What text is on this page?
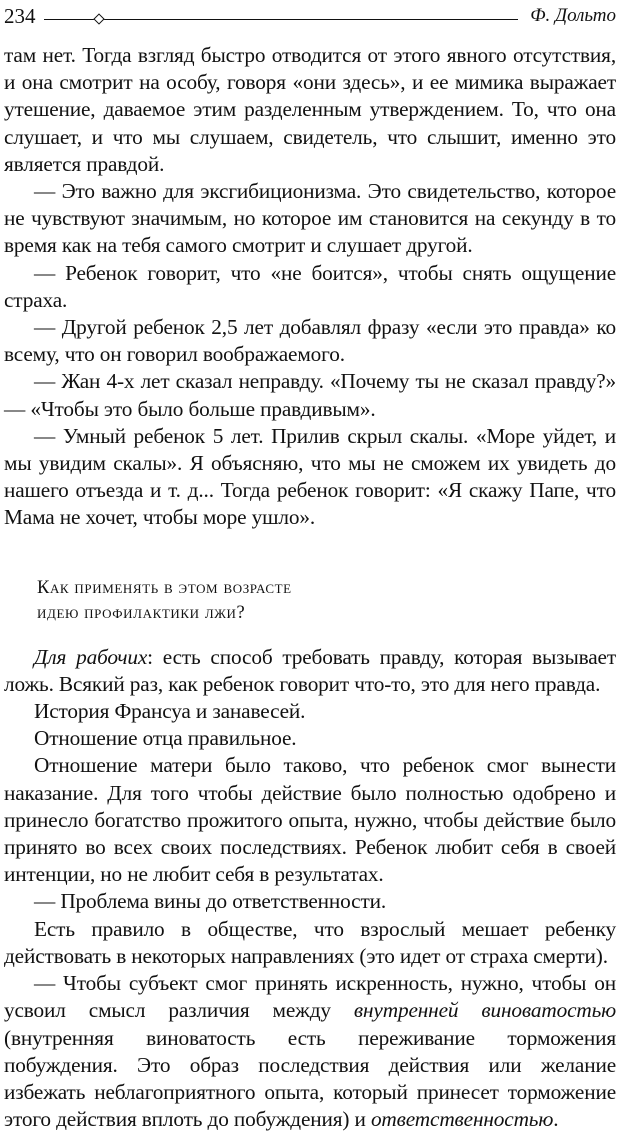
234	Ф. Дольто

там нет. Тогда взгляд быстро отводится от этого явного отсутствия, и она смотрит на особу, говоря «они здесь», и ее мимика выражает утешение, даваемое этим разделенным утверждением. То, что она слушает, и что мы слушаем, свидетель, что слышит, именно это является правдой.

— Это важно для эксгибиционизма. Это свидетельство, которое не чувствуют значимым, но которое им становится на секунду в то время как на тебя самого смотрит и слушает другой.

— Ребенок говорит, что «не боится», чтобы снять ощущение страха.

— Другой ребенок 2,5 лет добавлял фразу «если это правда» ко всему, что он говорил воображаемого.

— Жан 4-х лет сказал неправду. «Почему ты не сказал правду?» — «Чтобы это было больше правдивым».

— Умный ребенок 5 лет. Прилив скрыл скалы. «Море уйдет, и мы увидим скалы». Я объясняю, что мы не сможем их увидеть до нашего отъезда и т. д... Тогда ребенок говорит: «Я скажу Папе, что Мама не хочет, чтобы море ушло».

Как применять в этом возрасте

идею профилактики лжи?

Для рабочих: есть способ требовать правду, которая вызывает ложь. Всякий раз, как ребенок говорит что-то, это для него правда.

История Франсуа и занавесей.

Отношение отца правильное.

Отношение матери было таково, что ребенок смог вынести наказание. Для того чтобы действие было полностью одобрено и принесло богатство прожитого опыта, нужно, чтобы действие было принято во всех своих последствиях. Ребенок любит себя в своей интенции, но не любит себя в результатах.

— Проблема вины до ответственности.

Есть правило в обществе, что взрослый мешает ребенку действовать в некоторых направлениях (это идет от страха смерти).

— Чтобы субъект смог принять искренность, нужно, чтобы он усвоил смысл различия между внутренней виноватостью (внутренняя виноватость есть переживание торможения побуждения. Это образ последствия действия или желание избежать неблагоприятного опыта, который принесет торможение этого действия вплоть до побуждения) и ответственностью.
